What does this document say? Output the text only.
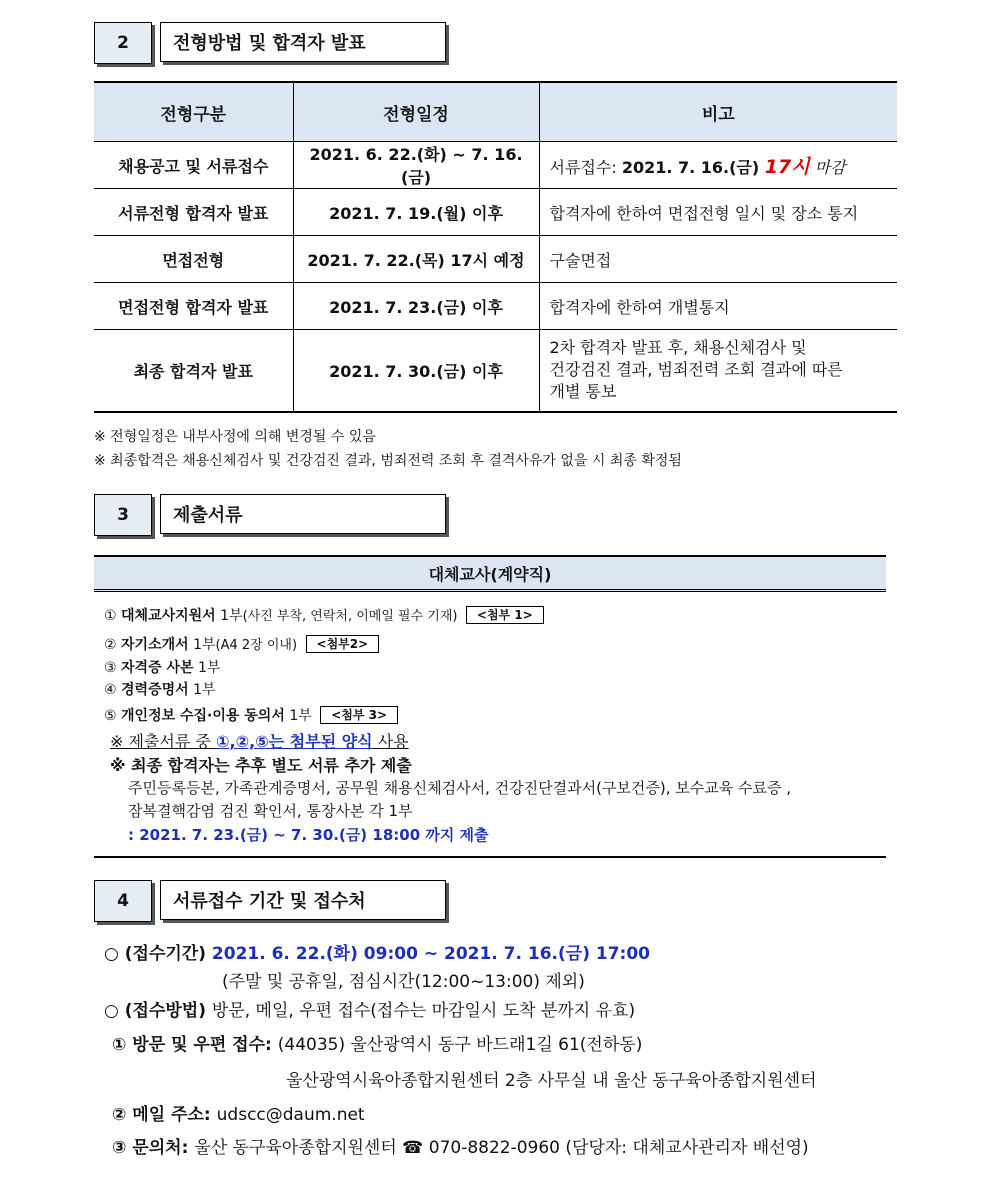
2	전형방법 및 합격자 발표
전형구분	전형일정	비고
채용공고 및 서류접수	2021. 6. 22.(화) ~ 7. 16.(금)	서류접수: 2021. 7. 16.(금) 17시 마감
서류전형 합격자 발표	2021. 7. 19.(월) 이후	합격자에 한하여 면접전형 일시 및 장소 통지
면접전형	2021. 7. 22.(목) 17시 예정	구술면접
면접전형 합격자 발표	2021. 7. 23.(금) 이후	합격자에 한하여 개별통지
최종 합격자 발표	2021. 7. 30.(금) 이후	2차 합격자 발표 후, 채용신체검사 및
건강검진 결과, 범죄전력 조회 결과에 따른
개별 통보
※ 전형일정은 내부사정에 의해 변경될 수 있음
※ 최종합격은 채용신체검사 및 건강검진 결과, 범죄전력 조회 후 결격사유가 없을 시 최종 확정됨
3	제출서류
대체교사(계약직)
① 대체교사지원서 1부(사진 부착, 연락처, 이메일 필수 기재) <첨부 1>
② 자기소개서 1부(A4 2장 이내) <첨부2>
③ 자격증 사본 1부
④ 경력증명서 1부
⑤ 개인정보 수집·이용 동의서 1부 <첨부 3>
※ 제출서류 중 ①,②,⑤는 첨부된 양식 사용
※ 최종 합격자는 추후 별도 서류 추가 제출
주민등록등본, 가족관계증명서, 공무원 채용신체검사서, 건강진단결과서(구보건증), 보수교육 수료증 ,
잠복결핵감염 검진 확인서, 통장사본 각 1부
: 2021. 7. 23.(금) ~ 7. 30.(금) 18:00 까지 제출
4	서류접수 기간 및 접수처
○ (접수기간) 2021. 6. 22.(화) 09:00 ~ 2021. 7. 16.(금) 17:00
(주말 및 공휴일, 점심시간(12:00~13:00) 제외)
○ (접수방법) 방문, 메일, 우편 접수(접수는 마감일시 도착 분까지 유효)
① 방문 및 우편 접수: (44035) 울산광역시 동구 바드래1길 61(전하동)
울산광역시육아종합지원센터 2층 사무실 내 울산 동구육아종합지원센터
② 메일 주소: udscc@daum.net
③ 문의처: 울산 동구육아종합지원센터 ☎ 070-8822-0960 (담당자: 대체교사관리자 배선영)
